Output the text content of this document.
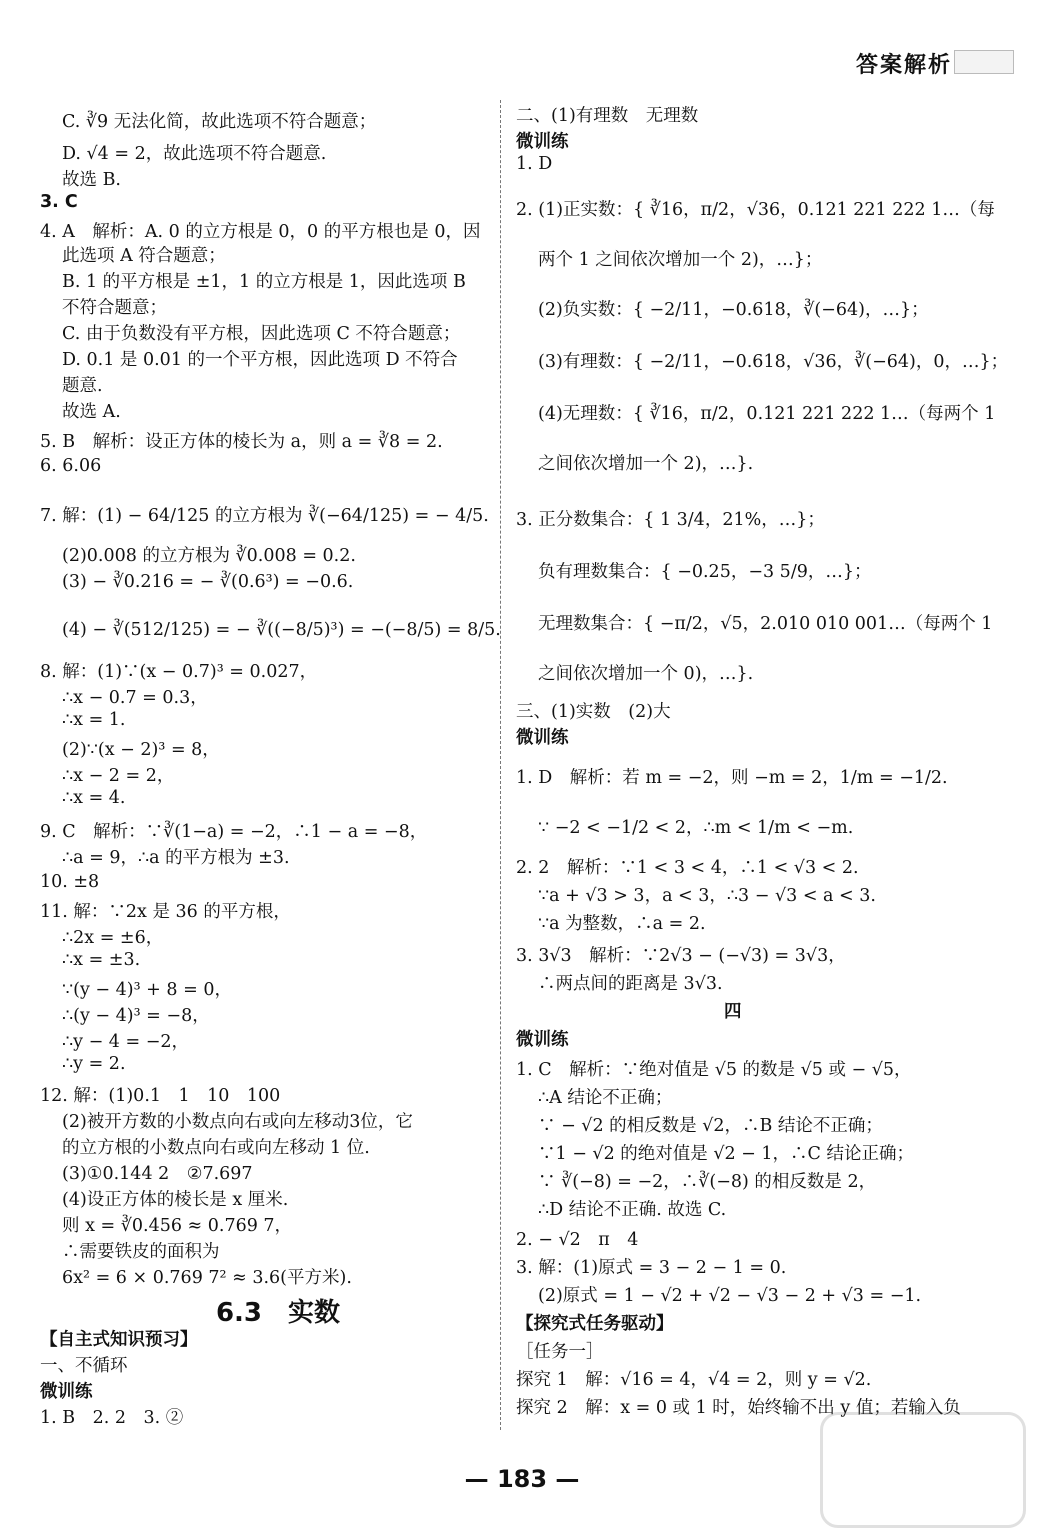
答案解析
C. ∛9 无法化简，故此选项不符合题意；
D. √4 = 2，故此选项不符合题意.
故选 B.
3. C
4. A　解析：A. 0 的立方根是 0，0 的平方根也是 0，因
此选项 A 符合题意；
B. 1 的平方根是 ±1，1 的立方根是 1，因此选项 B
不符合题意；
C. 由于负数没有平方根，因此选项 C 不符合题意；
D. 0.1 是 0.01 的一个平方根，因此选项 D 不符合
题意.
故选 A.
5. B　解析：设正方体的棱长为 a，则 a = ∛8 = 2.
6. 6.06
7. 解：(1) − 64/125 的立方根为 ∛(−64/125) = − 4/5.
(2)0.008 的立方根为 ∛0.008 = 0.2.
(3) − ∛0.216 = − ∛(0.6³) = −0.6.
(4) − ∛(512/125) = − ∛((−8/5)³) = −(−8/5) = 8/5.
8. 解：(1)∵(x − 0.7)³ = 0.027，
∴x − 0.7 = 0.3，
∴x = 1.
(2)∵(x − 2)³ = 8，
∴x − 2 = 2，
∴x = 4.
9. C　解析：∵∛(1−a) = −2，∴1 − a = −8，
∴a = 9，∴a 的平方根为 ±3.
10. ±8
11. 解：∵2x 是 36 的平方根，
∴2x = ±6，
∴x = ±3.
∵(y − 4)³ + 8 = 0，
∴(y − 4)³ = −8，
∴y − 4 = −2，
∴y = 2.
12. 解：(1)0.1　1　10　100
(2)被开方数的小数点向右或向左移动3位，它
的立方根的小数点向右或向左移动 1 位.
(3)①0.144 2　②7.697
(4)设正方体的棱长是 x 厘米.
则 x = ∛0.456 ≈ 0.769 7，
∴需要铁皮的面积为
6x² = 6 × 0.769 7² ≈ 3.6(平方米).
6.3　实数
【自主式知识预习】
一、不循环
微训练
1. B　2. 2　3. ②
二、(1)有理数　无理数
微训练
1. D
2. (1)正实数：{ ∛16，π/2，√36，0.121 221 222 1…（每
两个 1 之间依次增加一个 2)，…}；
(2)负实数：{ −2/11，−0.618，∛(−64)，…}；
(3)有理数：{ −2/11，−0.618，√36，∛(−64)，0，…}；
(4)无理数：{ ∛16，π/2，0.121 221 222 1…（每两个 1
之间依次增加一个 2)，…}.
3. 正分数集合：{ 1 3/4，21%，…}；
负有理数集合：{ −0.25，−3 5/9，…}；
无理数集合：{ −π/2，√5，2.010 010 001…（每两个 1
之间依次增加一个 0)，…}.
三、(1)实数　(2)大
微训练
1. D　解析：若 m = −2，则 −m = 2，1/m = −1/2.
∵ −2 < −1/2 < 2，∴m < 1/m < −m.
2. 2　解析：∵1 < 3 < 4，∴1 < √3 < 2.
∵a + √3 > 3，a < 3，∴3 − √3 < a < 3.
∵a 为整数，∴a = 2.
3. 3√3　解析：∵2√3 − (−√3) = 3√3，
∴两点间的距离是 3√3.
四
微训练
1. C　解析：∵绝对值是 √5 的数是 √5 或 − √5，
∴A 结论不正确；
∵ − √2 的相反数是 √2，∴B 结论不正确；
∵1 − √2 的绝对值是 √2 − 1，∴C 结论正确；
∵ ∛(−8) = −2，∴∛(−8) 的相反数是 2，
∴D 结论不正确. 故选 C.
2. − √2　π　4
3. 解：(1)原式 = 3 − 2 − 1 = 0.
(2)原式 = 1 − √2 + √2 − √3 − 2 + √3 = −1.
【探究式任务驱动】
［任务一］
探究 1　解：√16 = 4，√4 = 2，则 y = √2.
探究 2　解：x = 0 或 1 时，始终输不出 y 值；若输入负
— 183 —
